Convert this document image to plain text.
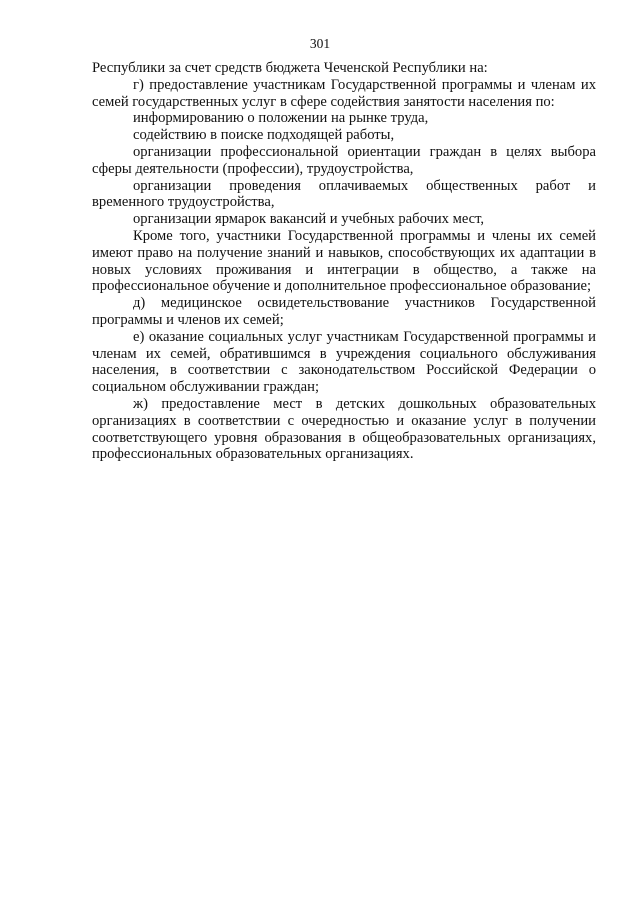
301

Республики за счет средств бюджета Чеченской Республики на:

г) предоставление участникам Государственной программы и членам их семей государственных услуг в сфере содействия занятости населения по:

информированию о положении на рынке труда,

содействию в поиске подходящей работы,

организации профессиональной ориентации граждан в целях выбора сферы деятельности (профессии), трудоустройства,

организации проведения оплачиваемых общественных работ и временного трудоустройства,

организации ярмарок вакансий и учебных рабочих мест,

Кроме того, участники Государственной программы и члены их семей имеют право на получение знаний и навыков, способствующих их адаптации в новых условиях проживания и интеграции в общество, а также на профессиональное обучение и дополнительное профессиональное образование;

д) медицинское освидетельствование участников Государственной программы и членов их семей;

е) оказание социальных услуг участникам Государственной программы и членам их семей, обратившимся в учреждения социального обслуживания населения, в соответствии с законодательством Российской Федерации о социальном обслуживании граждан;

ж) предоставление мест в детских дошкольных образовательных организациях в соответствии с очередностью и оказание услуг в получении соответствующего уровня образования в общеобразовательных организациях, профессиональных образовательных организациях.
